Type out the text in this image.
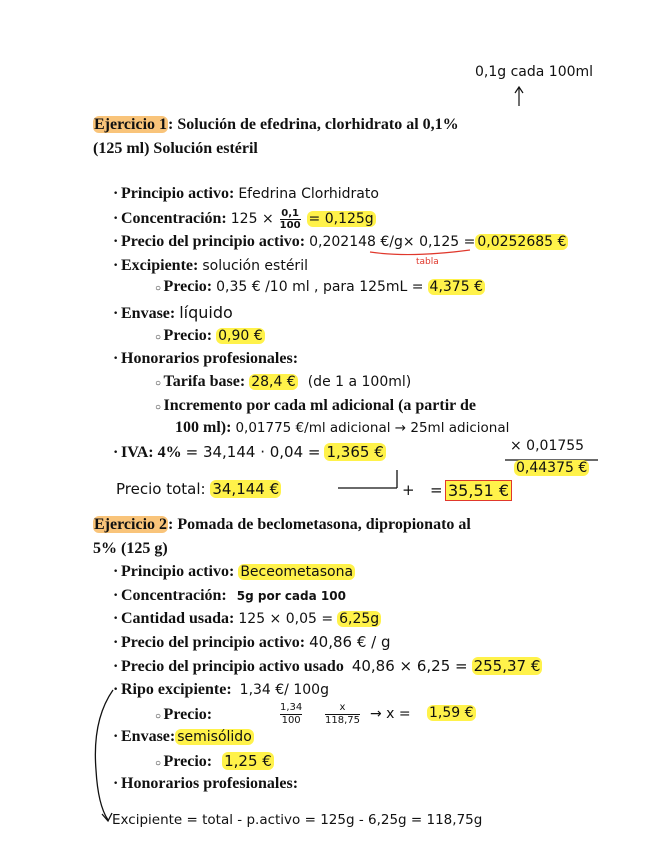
0,1g cada 100ml
Ejercicio 1: Solución de efedrina, clorhidrato al 0,1%
(125 ml) Solución estéril
· Principio activo: Efedrina Clorhidrato
· Concentración: $125 \times \frac{0,1}{100} = 0,125g$
· Precio del principio activo: 0,202148 €/g× 0,125 = 0,0252685 €
tabla
· Excipiente: solución estéril
○ Precio: 0,35 € /10 ml , para 125mL = 4,375 €
· Envase: líquido
○ Precio: 0,90 €
· Honorarios profesionales:
○ Tarifa base: 28,4 € (de 1 a 100ml)
○ Incremento por cada ml adicional (a partir de
100 ml): 0,01775 €/ml adicional → 25ml adicional
× 0,01755
0,44375 €
· IVA: 4% = 34,144 · 0,04 = 1,365 €
Precio total: 34,144 €	+ = 35,51 €
Ejercicio 2: Pomada de beclometasona, dipropionato al
5% (125 g)
· Principio activo: Beceometasona
· Concentración: 5g por cada 100
· Cantidad usada: 125 × 0,05 = 6,25g
· Precio del principio activo: 40,86 € / g
· Precio del principio activo usado 40,86 × 6,25 = 255,37 €
· Ripo excipiente: 1,34 €/ 100g
○ Precio:	$\frac{1,34}{100} \frac{x}{118,75} \to x = 1,59$ €
· Envase: semisólido
○ Precio: 1,25 €
· Honorarios profesionales:
Excipiente = total - p.activo = 125g - 6,25g = 118,75g
